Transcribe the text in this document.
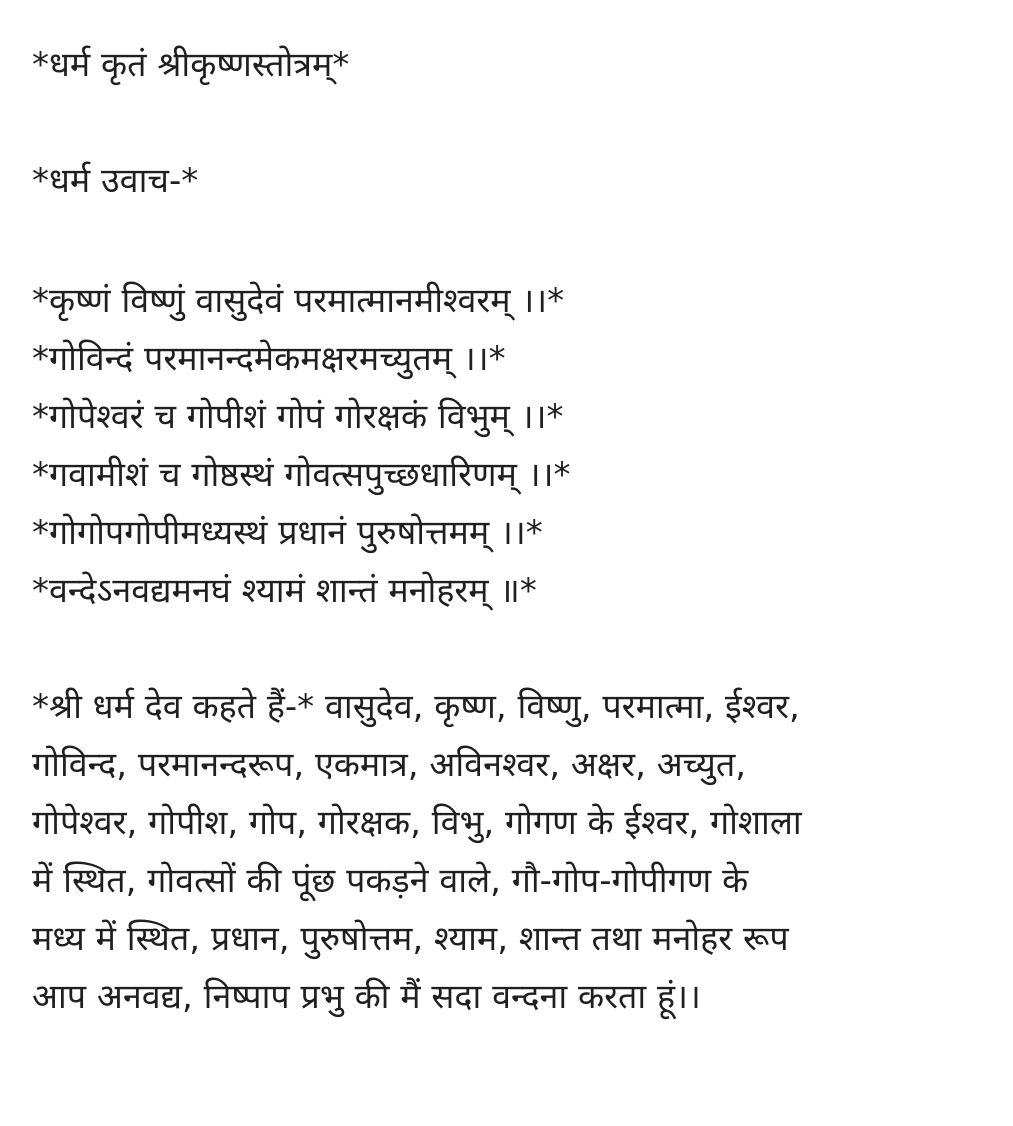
*धर्म कृतं श्रीकृष्णस्तोत्रम्*
*धर्म उवाच-*
*कृष्णं विष्णुं वासुदेवं परमात्मानमीश्वरम् ।।*
*गोविन्दं परमानन्दमेकमक्षरमच्युतम् ।।*
*गोपेश्वरं च गोपीशं गोपं गोरक्षकं विभुम् ।।*
*गवामीशं च गोष्ठस्थं गोवत्सपुच्छधारिणम् ।।*
*गोगोपगोपीमध्यस्थं प्रधानं पुरुषोत्तमम् ।।*
*वन्देऽनवद्यमनघं श्यामं शान्तं मनोहरम् ॥*
*श्री धर्म देव कहते हैं-* वासुदेव, कृष्ण, विष्णु, परमात्मा, ईश्वर,
गोविन्द, परमानन्दरूप, एकमात्र, अविनश्वर, अक्षर, अच्युत,
गोपेश्वर, गोपीश, गोप, गोरक्षक, विभु, गोगण के ईश्वर, गोशाला
में स्थित, गोवत्सों की पूंछ पकड़ने वाले, गौ-गोप-गोपीगण के
मध्य में स्थित, प्रधान, पुरुषोत्तम, श्याम, शान्त तथा मनोहर रूप
आप अनवद्य, निष्पाप प्रभु की मैं सदा वन्दना करता हूं।।
